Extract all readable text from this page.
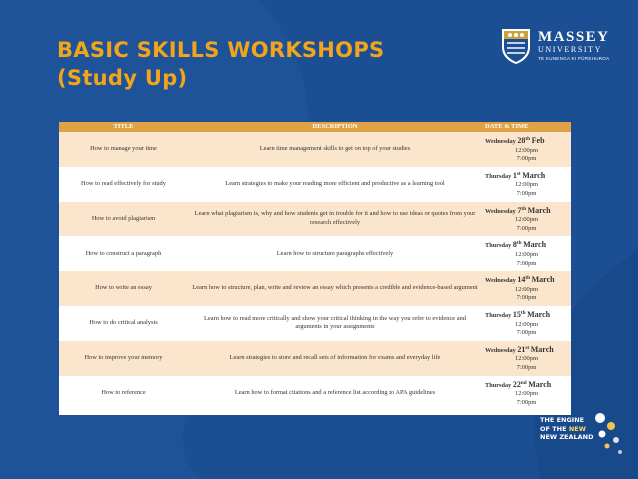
BASIC SKILLS WORKSHOPS
(Study Up)
MASSEY
UNIVERSITY
TE KUNENGA KI PŪREHUROA
TITLE	DESCRIPTION	DATE & TIME
How to manage your time	Learn time management skills to get on top of your studies	Wednesday 28th Feb
12:00pm
7:00pm

How to read effectively for study	Learn strategies to make your reading more efficient and productive as a learning tool	Thursday 1st March
12:00pm
7:00pm

How to avoid plagiarism	Learn what plagiarism is, why and how students get in trouble for it and how to use ideas or quotes from your research effectively	Wednesday 7th March
12:00pm
7:00pm

How to construct a paragraph	Learn how to structure paragraphs effectively	Thursday 8th March
12:00pm
7:00pm

How to write an essay	Learn how to structure, plan, write and review an essay which presents a credible and evidence-based argument	Wednesday 14th March
12:00pm
7:00pm

How to do critical analysis	Learn how to read more critically and show your critical thinking in the way you refer to evidence and arguments in your assignments	Thursday 15th March
12:00pm
7:00pm

How to improve your memory	Learn strategies to store and recall sets of information for exams and everyday life	Wednesday 21st March
12:00pm
7:00pm

How to reference	Learn how to format citations and a reference list according to APA guidelines	Thursday 22nd March
12:00pm
7:00pm
THE ENGINE
OF THE NEW
NEW ZEALAND
